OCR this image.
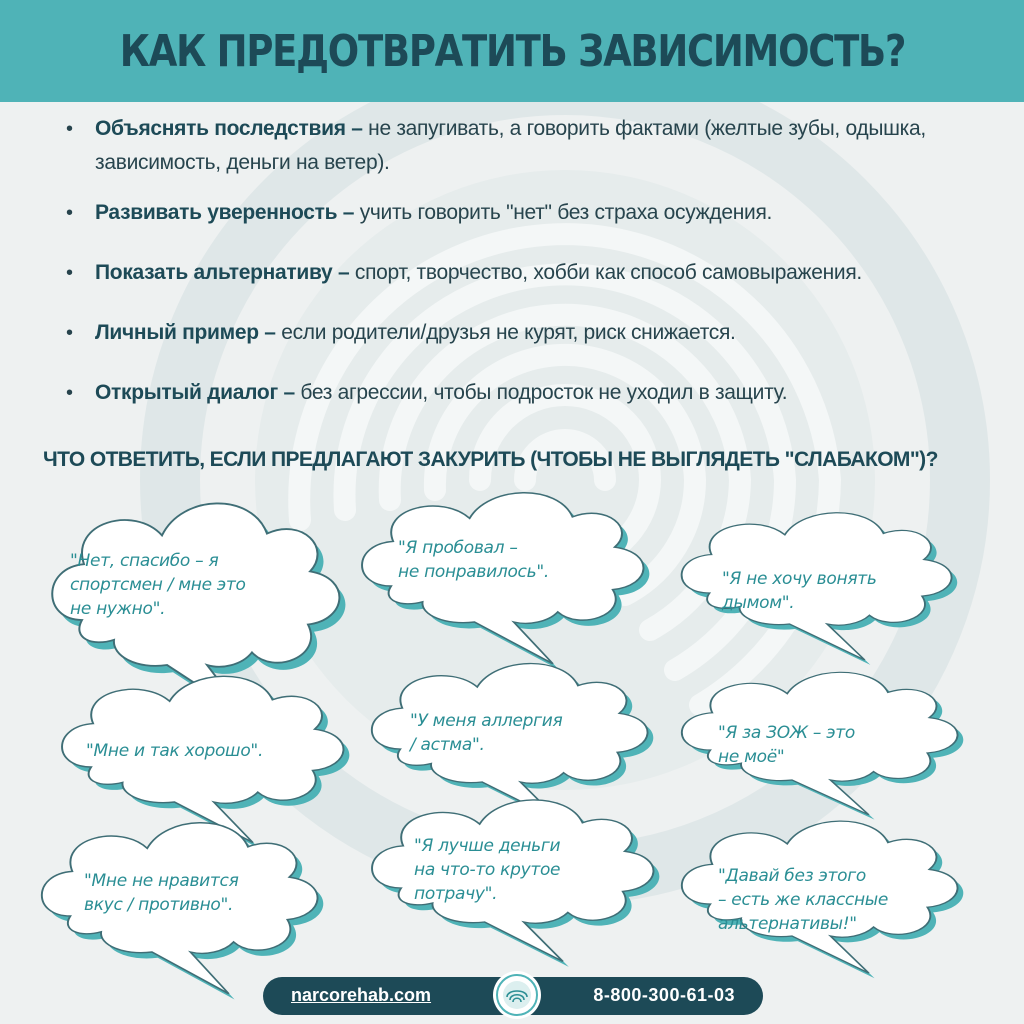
КАК ПРЕДОТВРАТИТЬ ЗАВИСИМОСТЬ?
• Объяснять последствия – не запугивать, а говорить фактами (желтые зубы, одышка, зависимость, деньги на ветер).
• Развивать уверенность – учить говорить "нет" без страха осуждения.
• Показать альтернативу – спорт, творчество, хобби как способ самовыражения.
• Личный пример – если родители/друзья не курят, риск снижается.
• Открытый диалог – без агрессии, чтобы подросток не уходил в защиту.

ЧТО ОТВЕТИТЬ, ЕСЛИ ПРЕДЛАГАЮТ ЗАКУРИТЬ (ЧТОБЫ НЕ ВЫГЛЯДЕТЬ "СЛАБАКОМ")?

"Нет, спасибо – я
спортсмен / мне это
не нужно".

"Я пробовал –
не понравилось".	"Я не хочу вонять
дымом".

"Мне и так хорошо".

"У меня аллергия
/ астма".

"Я за ЗОЖ – это
не моё"

"Мне не нравится
вкус / противно".

"Я лучше деньги
на что-то крутое
потрачу".

"Давай без этого
– есть же классные
альтернативы!"

narcorehab.com	8-800-300-61-03
